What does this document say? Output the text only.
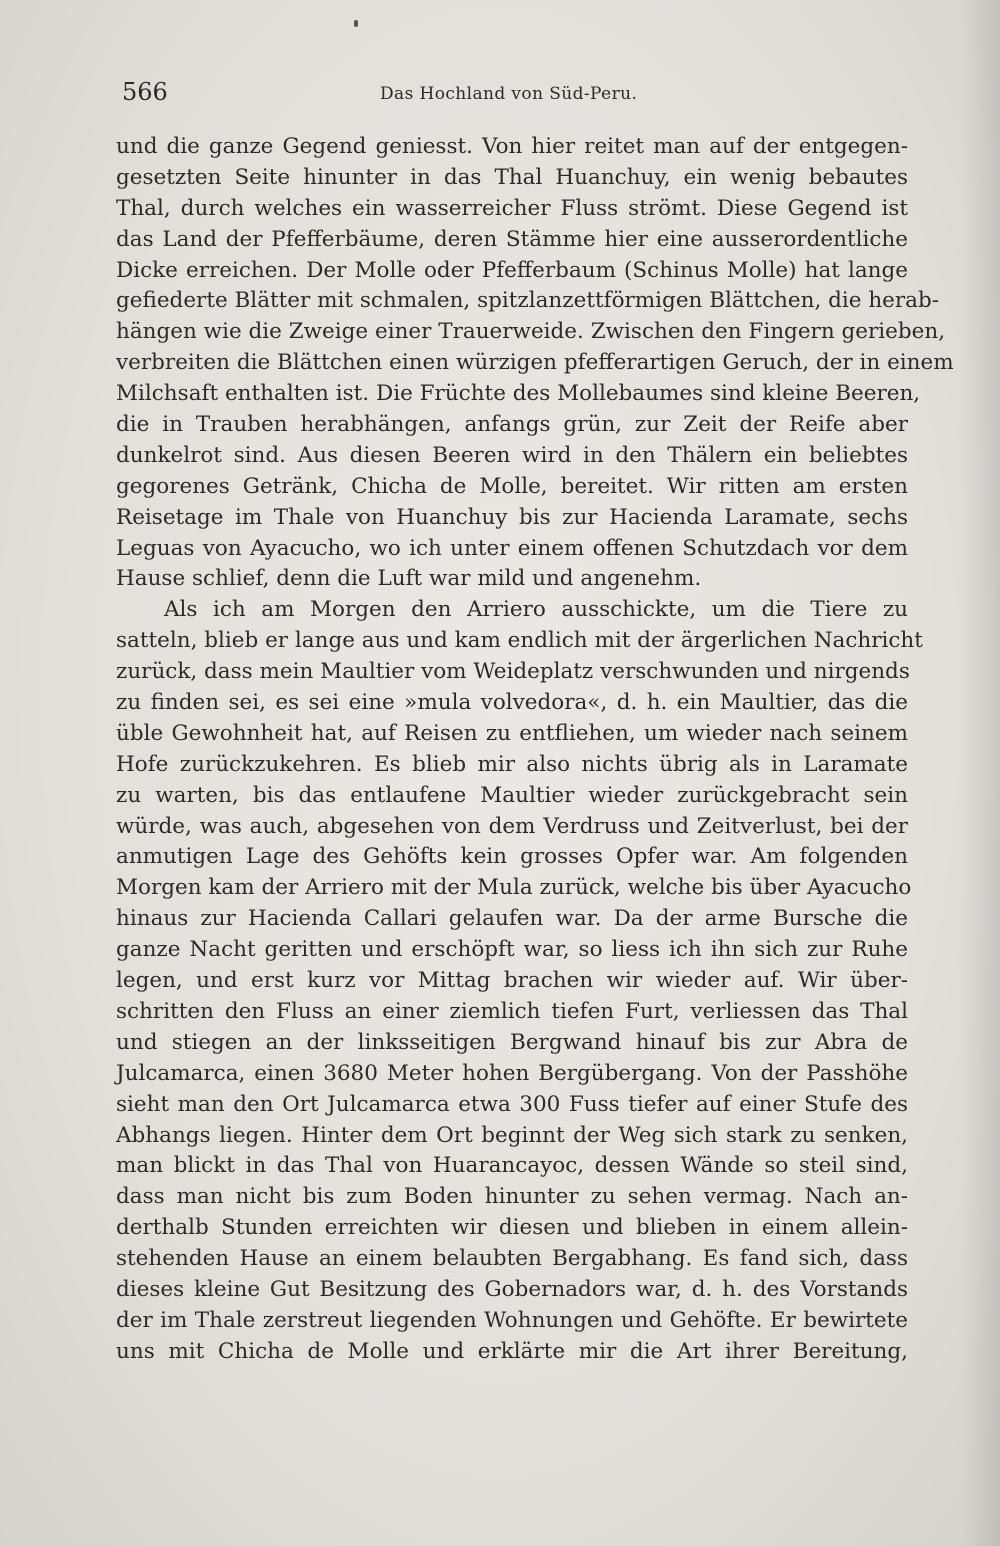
566	Das Hochland von Süd-Peru.
und die ganze Gegend geniesst. Von hier reitet man auf der entgegen-
gesetzten Seite hinunter in das Thal Huanchuy, ein wenig bebautes
Thal, durch welches ein wasserreicher Fluss strömt. Diese Gegend ist
das Land der Pfefferbäume, deren Stämme hier eine ausserordentliche
Dicke erreichen. Der Molle oder Pfefferbaum (Schinus Molle) hat lange
gefiederte Blätter mit schmalen, spitzlanzettförmigen Blättchen, die herab-
hängen wie die Zweige einer Trauerweide. Zwischen den Fingern gerieben,
verbreiten die Blättchen einen würzigen pfefferartigen Geruch, der in einem
Milchsaft enthalten ist. Die Früchte des Mollebaumes sind kleine Beeren,
die in Trauben herabhängen, anfangs grün, zur Zeit der Reife aber
dunkelrot sind. Aus diesen Beeren wird in den Thälern ein beliebtes
gegorenes Getränk, Chicha de Molle, bereitet. Wir ritten am ersten
Reisetage im Thale von Huanchuy bis zur Hacienda Laramate, sechs
Leguas von Ayacucho, wo ich unter einem offenen Schutzdach vor dem
Hause schlief, denn die Luft war mild und angenehm.
Als ich am Morgen den Arriero ausschickte, um die Tiere zu
satteln, blieb er lange aus und kam endlich mit der ärgerlichen Nachricht
zurück, dass mein Maultier vom Weideplatz verschwunden und nirgends
zu finden sei, es sei eine »mula volvedora«, d. h. ein Maultier, das die
üble Gewohnheit hat, auf Reisen zu entfliehen, um wieder nach seinem
Hofe zurückzukehren. Es blieb mir also nichts übrig als in Laramate
zu warten, bis das entlaufene Maultier wieder zurückgebracht sein
würde, was auch, abgesehen von dem Verdruss und Zeitverlust, bei der
anmutigen Lage des Gehöfts kein grosses Opfer war. Am folgenden
Morgen kam der Arriero mit der Mula zurück, welche bis über Ayacucho
hinaus zur Hacienda Callari gelaufen war. Da der arme Bursche die
ganze Nacht geritten und erschöpft war, so liess ich ihn sich zur Ruhe
legen, und erst kurz vor Mittag brachen wir wieder auf. Wir über-
schritten den Fluss an einer ziemlich tiefen Furt, verliessen das Thal
und stiegen an der linksseitigen Bergwand hinauf bis zur Abra de
Julcamarca, einen 3680 Meter hohen Bergübergang. Von der Passhöhe
sieht man den Ort Julcamarca etwa 300 Fuss tiefer auf einer Stufe des
Abhangs liegen. Hinter dem Ort beginnt der Weg sich stark zu senken,
man blickt in das Thal von Huarancayoc, dessen Wände so steil sind,
dass man nicht bis zum Boden hinunter zu sehen vermag. Nach an-
derthalb Stunden erreichten wir diesen und blieben in einem allein-
stehenden Hause an einem belaubten Bergabhang. Es fand sich, dass
dieses kleine Gut Besitzung des Gobernadors war, d. h. des Vorstands
der im Thale zerstreut liegenden Wohnungen und Gehöfte. Er bewirtete
uns mit Chicha de Molle und erklärte mir die Art ihrer Bereitung,
